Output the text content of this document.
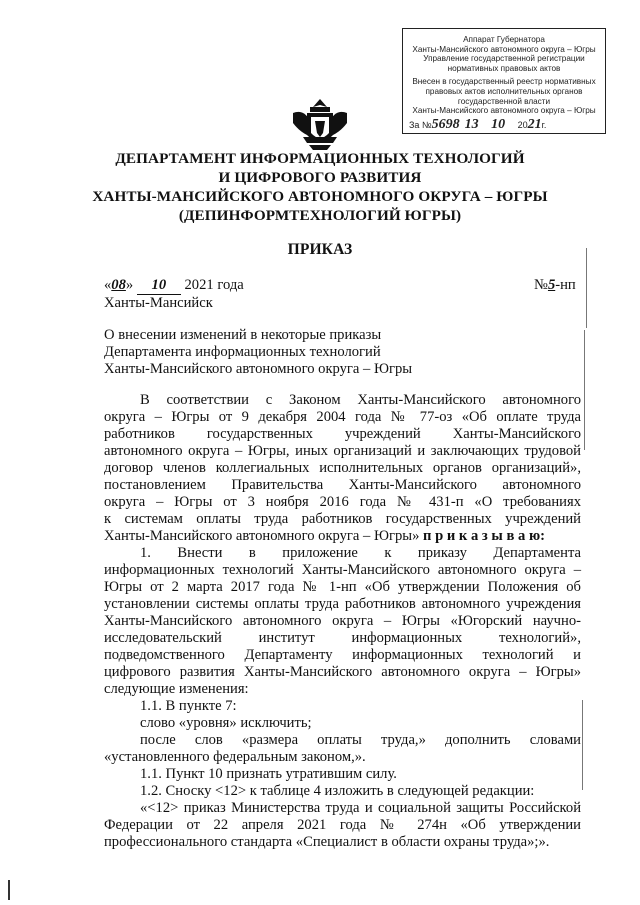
Аппарат Губернатора
Ханты-Мансийского автономного округа – Югры
Управление государственной регистрации
нормативных правовых актов
Внесен в государственный реестр нормативных
правовых актов исполнительных органов
государственной власти
Ханты-Мансийского автономного округа – Югры
За №5698 13 10 2021г.
ДЕПАРТАМЕНТ ИНФОРМАЦИОННЫХ ТЕХНОЛОГИЙ
И ЦИФРОВОГО РАЗВИТИЯ
ХАНТЫ-МАНСИЙСКОГО АВТОНОМНОГО ОКРУГА – ЮГРЫ
(ДЕПИНФОРМТЕХНОЛОГИЙ ЮГРЫ)
ПРИКАЗ
«08» 10 2021 года	№5-нп
Ханты-Мансийск
О внесении изменений в некоторые приказы
Департамента информационных технологий
Ханты-Мансийского автономного округа – Югры
В соответствии с Законом Ханты-Мансийского автономного
округа – Югры от 9 декабря 2004 года № 77-оз «Об оплате труда
работников государственных учреждений Ханты-Мансийского
автономного округа – Югры, иных организаций и заключающих трудовой
договор членов коллегиальных исполнительных органов организаций»,
постановлением Правительства Ханты-Мансийского автономного
округа – Югры от 3 ноября 2016 года № 431-п «О требованиях
к системам оплаты труда работников государственных учреждений
Ханты-Мансийского автономного округа – Югры» п р и к а з ы в а ю:
1. Внести в приложение к приказу Департамента
информационных технологий Ханты-Мансийского автономного округа –
Югры от 2 марта 2017 года № 1-нп «Об утверждении Положения об
установлении системы оплаты труда работников автономного учреждения
Ханты-Мансийского автономного округа – Югры «Югорский научно-
исследовательский институт информационных технологий»,
подведомственного Департаменту информационных технологий и
цифрового развития Ханты-Мансийского автономного округа – Югры»
следующие изменения:
1.1. В пункте 7:
слово «уровня» исключить;
после слов «размера оплаты труда,» дополнить словами
«установленного федеральным законом,».
1.1. Пункт 10 признать утратившим силу.
1.2. Сноску <12> к таблице 4 изложить в следующей редакции:
«<12> приказ Министерства труда и социальной защиты Российской
Федерации от 22 апреля 2021 года № 274н «Об утверждении
профессионального стандарта «Специалист в области охраны труда»;».
